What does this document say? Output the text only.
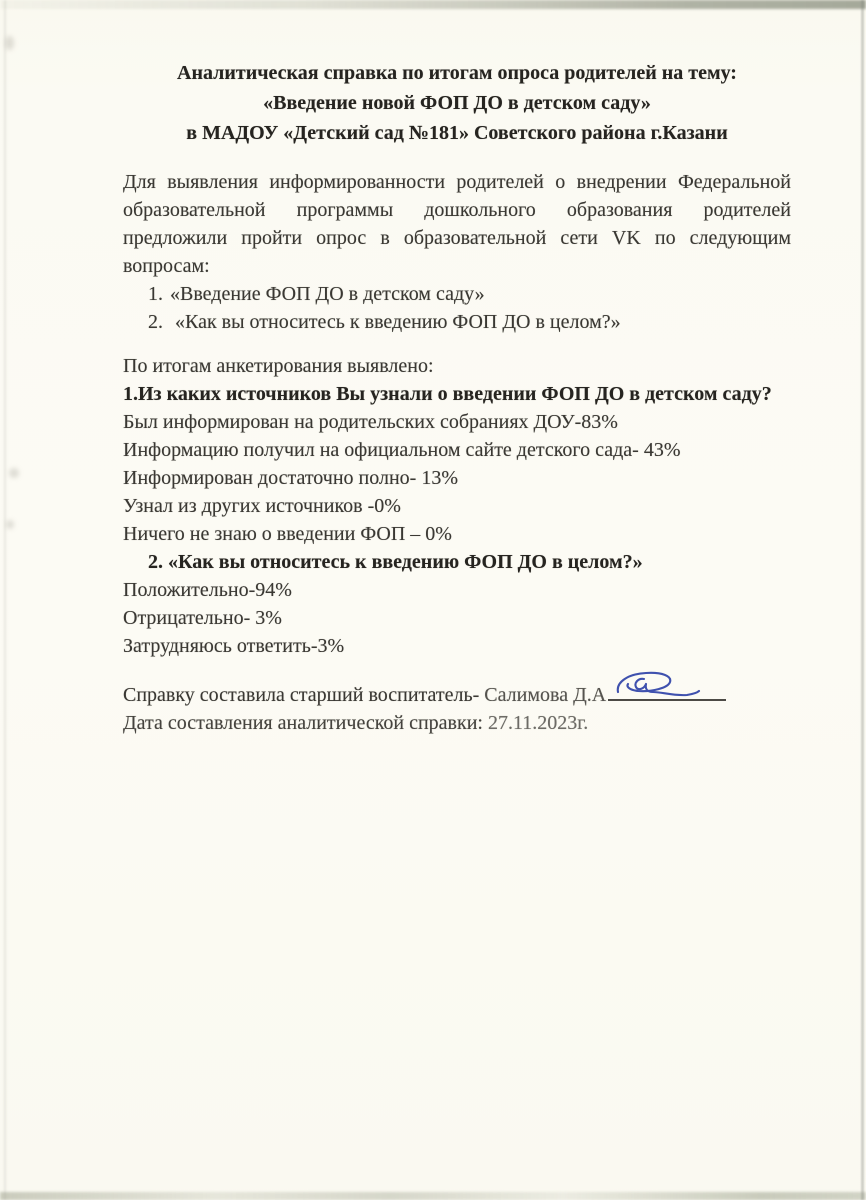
Аналитическая справка по итогам опроса родителей на тему:
«Введение новой ФОП ДО в детском саду»
в МАДОУ «Детский сад №181» Советского района г.Казани
Для выявления информированности родителей о внедрении Федеральной
образовательной программы дошкольного образования родителей
предложили пройти опрос в образовательной сети VK по следующим
вопросам:
1. «Введение ФОП ДО в детском саду»
2. «Как вы относитесь к введению ФОП ДО в целом?»
По итогам анкетирования выявлено:
1.Из каких источников Вы узнали о введении ФОП ДО в детском саду?
Был информирован на родительских собраниях ДОУ-83%
Информацию получил на официальном сайте детского сада- 43%
Информирован достаточно полно- 13%
Узнал из других источников -0%
Ничего не знаю о введении ФОП – 0%
2. «Как вы относитесь к введению ФОП ДО в целом?»
Положительно-94%
Отрицательно- 3%
Затрудняюсь ответить-3%
Справку составила старший воспитатель- Салимова Д.А
Дата составления аналитической справки: 27.11.2023г.
